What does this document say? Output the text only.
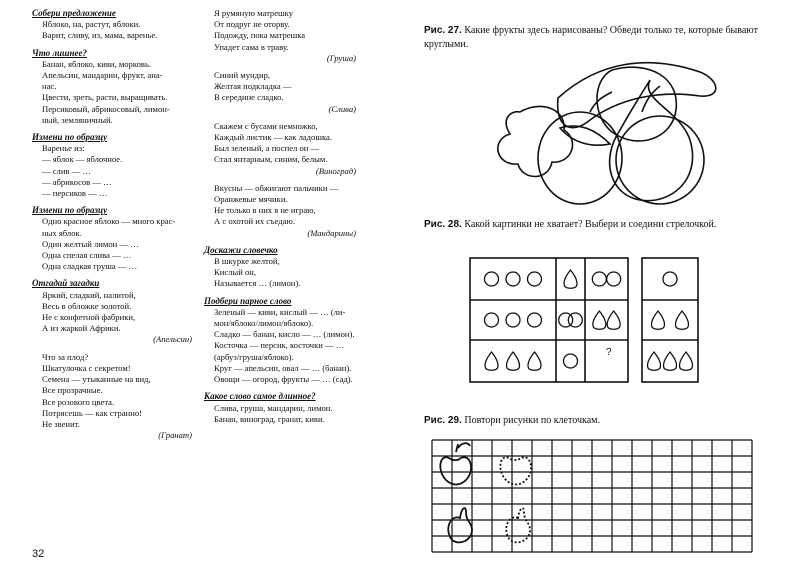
Собери предложение
Яблоко, на, растут, яблоки.
Варит, сливу, из, мама, варенье.
Что лишнее?
Банан, яблоко, киви, морковь.
Апельсин, мандарин, фрукт, ана-
нас.
Цвести, зреть, расти, выращивать.
Персиковый, абрикосовый, лимон-
ный, земляничный.
Измени по образцу
Варенье из:
— яблок — яблочное.
— слив — …
— абрикосов — …
— персиков — …
Измени по образцу
Одно красное яблоко — много крас-
ных яблок.
Один желтый лимон — …
Одна спелая слива — …
Одна сладкая груша — …
Отгадай загадки
Яркий, сладкий, налитой,
Весь в обложке золотой.
Не с конфетной фабрики,
А из жаркой Африки.
(Апельсин)
Что за плод?
Шкатулочка с секретом!
Семена — утыканные на вид,
Все прозрачные.
Все розового цвета.
Потрясешь — как странно!
Не звенит.
(Гранат)
Я румяную матрешку
От подруг не оторву.
Подожду, пока матрешка
Упадет сама в траву.
(Груша)
Синий мундир,
Желтая подкладка —
В середине сладко.
(Слива)
Скажем с бусами немножко,
Каждый листик — как ладошка.
Был зеленый, а поспел он —
Стал янтарным, синим, белым.
(Виноград)
Вкусны — обжигают пальчики —
Оранжевые мячики.
Не только в них я не играю,
А с охотой их съедаю.
(Мандарины)
Доскажи словечко
В шкурке желтой,
Кислый он,
Называется … (лимон).
Подбери парное слово
Зеленый — киви, кислый — … (ли-
мон/яблоко/лимон/яблоко).
Сладко — банан, кисло — … (лимон).
Косточка — персик, косточки — …
(арбуз/груша/яблоко).
Круг — апельсин, овал — … (банан).
Овощи — огород, фрукты — … (сад).
Какое слово самое длинное?
Слива, груша, мандарин, лимон.
Банан, виноград, гранат, киви.
32
Рис. 27. Какие фрукты здесь нарисованы? Обведи только те, которые бывают круглыми.
Рис. 28. Какой картинки не хватает? Выбери и соедини стрелочкой.
Рис. 29. Повтори рисунки по клеточкам.
?
